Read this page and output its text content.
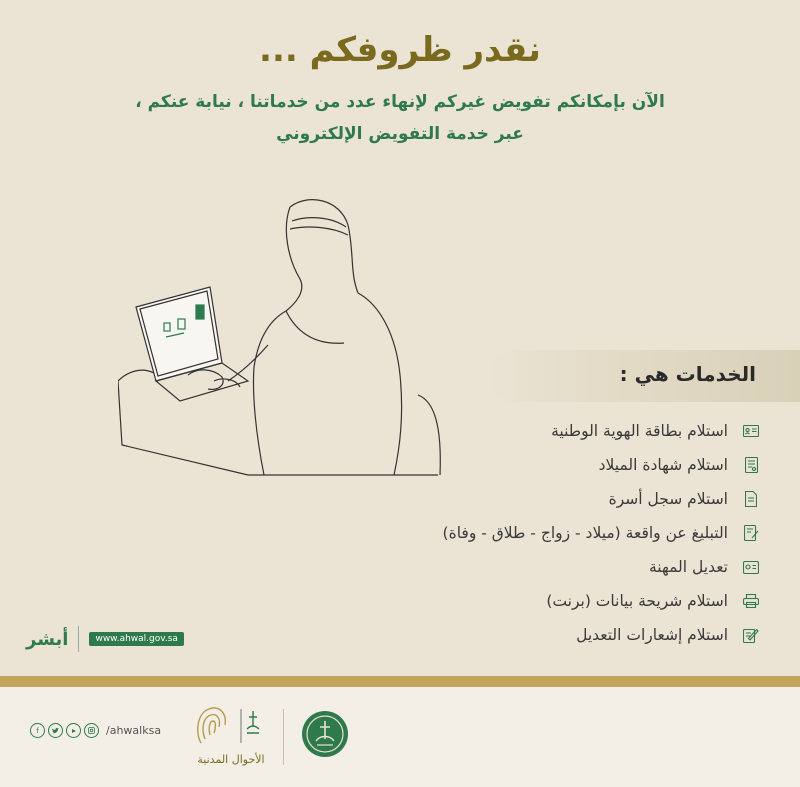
نقدر ظروفكم ...
الآن بإمكانكم تفويض غيركم لإنهاء عدد من خدماتنا ، نيابة عنكم ،
عبر خدمة التفويض الإلكتروني
الخدمات هي :
استلام بطاقة الهوية الوطنية
استلام شهادة الميلاد
استلام سجل أسرة
التبليغ عن واقعة (ميلاد - زواج - طلاق - وفاة)
تعديل المهنة
استلام شريحة بيانات (برنت)
استلام إشعارات التعديل
أبشر	www.ahwal.gov.sa
f	/ahwalksa
الأحوال المدنية
